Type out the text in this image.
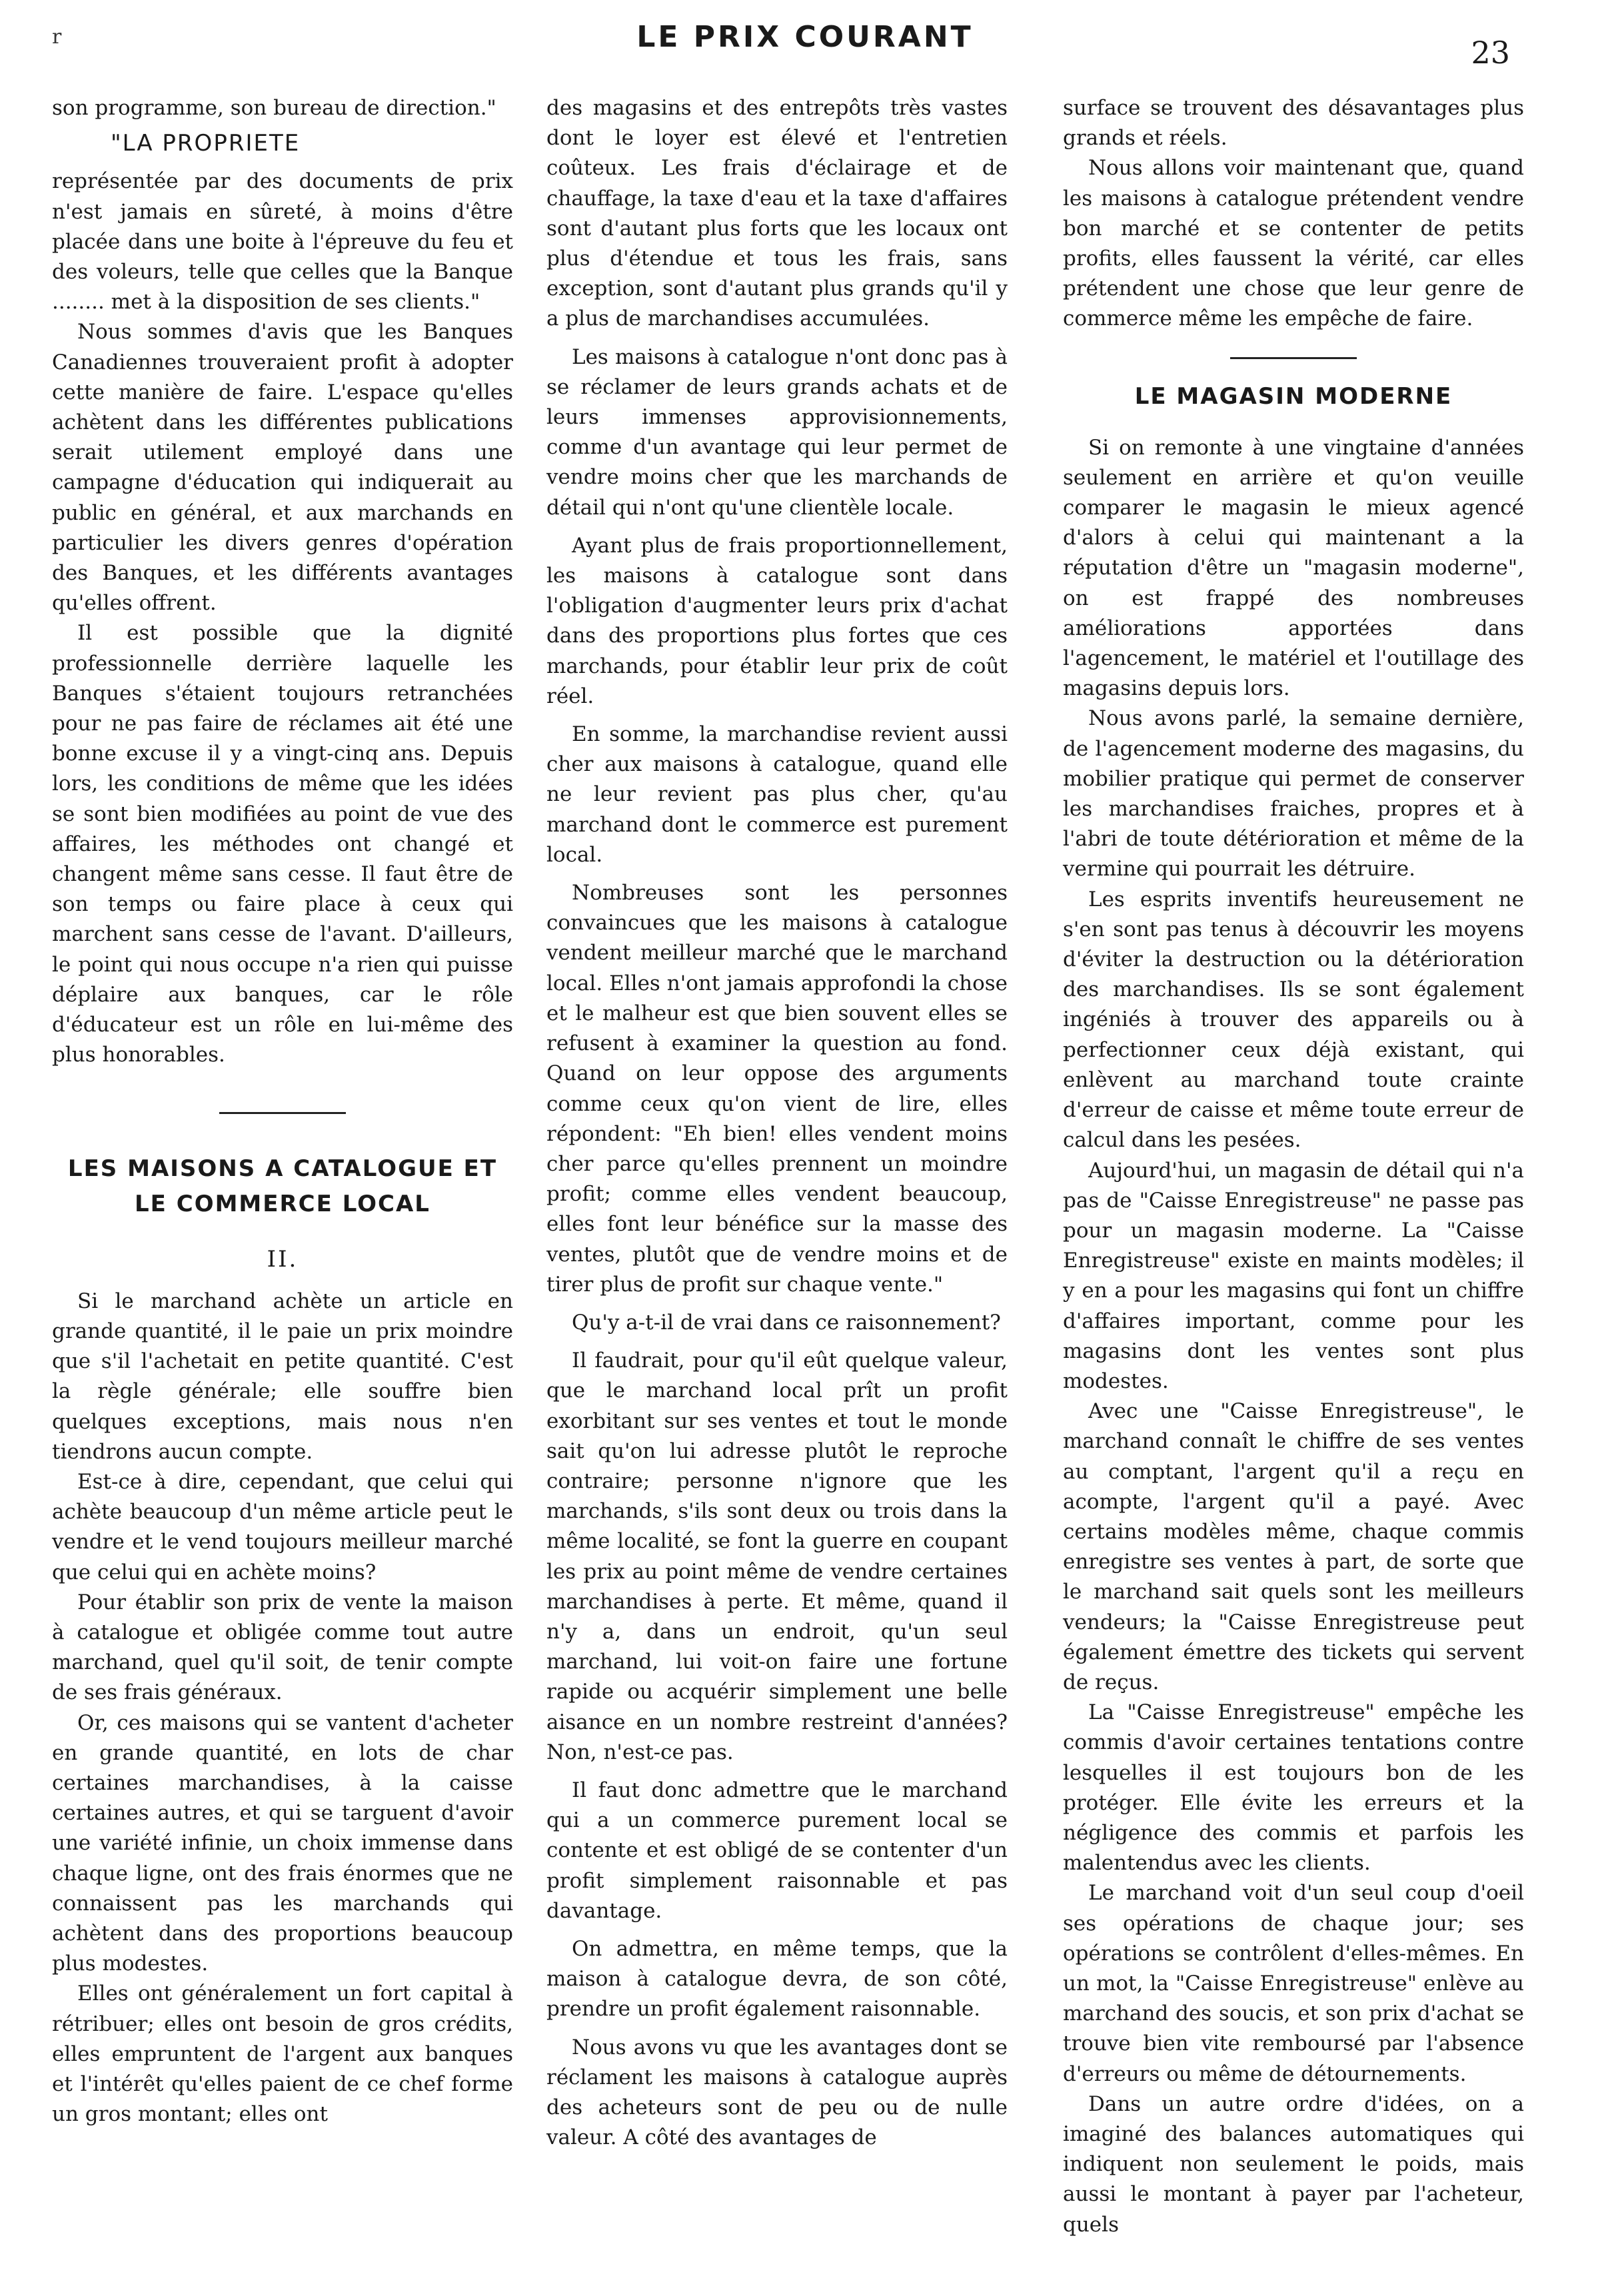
r	LE PRIX COURANT	23

son programme, son bureau de direction."

"LA PROPRIETE

représentée par des documents de prix n'est jamais en sûreté, à moins d'être placée dans une boite à l'épreuve du feu et des voleurs, telle que celles que la Banque ........ met à la disposition de ses clients."

Nous sommes d'avis que les Banques Canadiennes trouveraient profit à adopter cette manière de faire. L'espace qu'elles achètent dans les différentes publications serait utilement employé dans une campagne d'éducation qui indiquerait au public en général, et aux marchands en particulier les divers genres d'opération des Banques, et les différents avantages qu'elles offrent.

Il est possible que la dignité professionnelle derrière laquelle les Banques s'étaient toujours retranchées pour ne pas faire de réclames ait été une bonne excuse il y a vingt-cinq ans. Depuis lors, les conditions de même que les idées se sont bien modifiées au point de vue des affaires, les méthodes ont changé et changent même sans cesse. Il faut être de son temps ou faire place à ceux qui marchent sans cesse de l'avant. D'ailleurs, le point qui nous occupe n'a rien qui puisse déplaire aux banques, car le rôle d'éducateur est un rôle en lui-même des plus honorables.

LES MAISONS A CATALOGUE ET
LE COMMERCE LOCAL
II.

Si le marchand achète un article en grande quantité, il le paie un prix moindre que s'il l'achetait en petite quantité. C'est la règle générale; elle souffre bien quelques exceptions, mais nous n'en tiendrons aucun compte.

Est-ce à dire, cependant, que celui qui achète beaucoup d'un même article peut le vendre et le vend toujours meilleur marché que celui qui en achète moins?

Pour établir son prix de vente la maison à catalogue et obligée comme tout autre marchand, quel qu'il soit, de tenir compte de ses frais généraux.

Or, ces maisons qui se vantent d'acheter en grande quantité, en lots de char certaines marchandises, à la caisse certaines autres, et qui se targuent d'avoir une variété infinie, un choix immense dans chaque ligne, ont des frais énormes que ne connaissent pas les marchands qui achètent dans des proportions beaucoup plus modestes.

Elles ont généralement un fort capital à rétribuer; elles ont besoin de gros crédits, elles empruntent de l'argent aux banques et l'intérêt qu'elles paient de ce chef forme un gros montant; elles ont

des magasins et des entrepôts très vastes dont le loyer est élevé et l'entretien coûteux. Les frais d'éclairage et de chauffage, la taxe d'eau et la taxe d'affaires sont d'autant plus forts que les locaux ont plus d'étendue et tous les frais, sans exception, sont d'autant plus grands qu'il y a plus de marchandises accumulées.

Les maisons à catalogue n'ont donc pas à se réclamer de leurs grands achats et de leurs immenses approvisionnements, comme d'un avantage qui leur permet de vendre moins cher que les marchands de détail qui n'ont qu'une clientèle locale.

Ayant plus de frais proportionnellement, les maisons à catalogue sont dans l'obligation d'augmenter leurs prix d'achat dans des proportions plus fortes que ces marchands, pour établir leur prix de coût réel.

En somme, la marchandise revient aussi cher aux maisons à catalogue, quand elle ne leur revient pas plus cher, qu'au marchand dont le commerce est purement local.

Nombreuses sont les personnes convaincues que les maisons à catalogue vendent meilleur marché que le marchand local. Elles n'ont jamais approfondi la chose et le malheur est que bien souvent elles se refusent à examiner la question au fond. Quand on leur oppose des arguments comme ceux qu'on vient de lire, elles répondent: "Eh bien! elles vendent moins cher parce qu'elles prennent un moindre profit; comme elles vendent beaucoup, elles font leur bénéfice sur la masse des ventes, plutôt que de vendre moins et de tirer plus de profit sur chaque vente."

Qu'y a-t-il de vrai dans ce raisonnement?

Il faudrait, pour qu'il eût quelque valeur, que le marchand local prît un profit exorbitant sur ses ventes et tout le monde sait qu'on lui adresse plutôt le reproche contraire; personne n'ignore que les marchands, s'ils sont deux ou trois dans la même localité, se font la guerre en coupant les prix au point même de vendre certaines marchandises à perte. Et même, quand il n'y a, dans un endroit, qu'un seul marchand, lui voit-on faire une fortune rapide ou acquérir simplement une belle aisance en un nombre restreint d'années? Non, n'est-ce pas.

Il faut donc admettre que le marchand qui a un commerce purement local se contente et est obligé de se contenter d'un profit simplement raisonnable et pas davantage.

On admettra, en même temps, que la maison à catalogue devra, de son côté, prendre un profit également raisonnable.

Nous avons vu que les avantages dont se réclament les maisons à catalogue auprès des acheteurs sont de peu ou de nulle valeur. A côté des avantages de

surface se trouvent des désavantages plus grands et réels.

Nous allons voir maintenant que, quand les maisons à catalogue prétendent vendre bon marché et se contenter de petits profits, elles faussent la vérité, car elles prétendent une chose que leur genre de commerce même les empêche de faire.

LE MAGASIN MODERNE

Si on remonte à une vingtaine d'années seulement en arrière et qu'on veuille comparer le magasin le mieux agencé d'alors à celui qui maintenant a la réputation d'être un "magasin moderne", on est frappé des nombreuses améliorations apportées dans l'agencement, le matériel et l'outillage des magasins depuis lors.

Nous avons parlé, la semaine dernière, de l'agencement moderne des magasins, du mobilier pratique qui permet de conserver les marchandises fraiches, propres et à l'abri de toute détérioration et même de la vermine qui pourrait les détruire.

Les esprits inventifs heureusement ne s'en sont pas tenus à découvrir les moyens d'éviter la destruction ou la détérioration des marchandises. Ils se sont également ingéniés à trouver des appareils ou à perfectionner ceux déjà existant, qui enlèvent au marchand toute crainte d'erreur de caisse et même toute erreur de calcul dans les pesées.

Aujourd'hui, un magasin de détail qui n'a pas de "Caisse Enregistreuse" ne passe pas pour un magasin moderne. La "Caisse Enregistreuse" existe en maints modèles; il y en a pour les magasins qui font un chiffre d'affaires important, comme pour les magasins dont les ventes sont plus modestes.

Avec une "Caisse Enregistreuse", le marchand connaît le chiffre de ses ventes au comptant, l'argent qu'il a reçu en acompte, l'argent qu'il a payé. Avec certains modèles même, chaque commis enregistre ses ventes à part, de sorte que le marchand sait quels sont les meilleurs vendeurs; la "Caisse Enregistreuse peut également émettre des tickets qui servent de reçus.

La "Caisse Enregistreuse" empêche les commis d'avoir certaines tentations contre lesquelles il est toujours bon de les protéger. Elle évite les erreurs et la négligence des commis et parfois les malentendus avec les clients.

Le marchand voit d'un seul coup d'oeil ses opérations de chaque jour; ses opérations se contrôlent d'elles-mêmes. En un mot, la "Caisse Enregistreuse" enlève au marchand des soucis, et son prix d'achat se trouve bien vite remboursé par l'absence d'erreurs ou même de détournements.

Dans un autre ordre d'idées, on a imaginé des balances automatiques qui indiquent non seulement le poids, mais aussi le montant à payer par l'acheteur, quels
